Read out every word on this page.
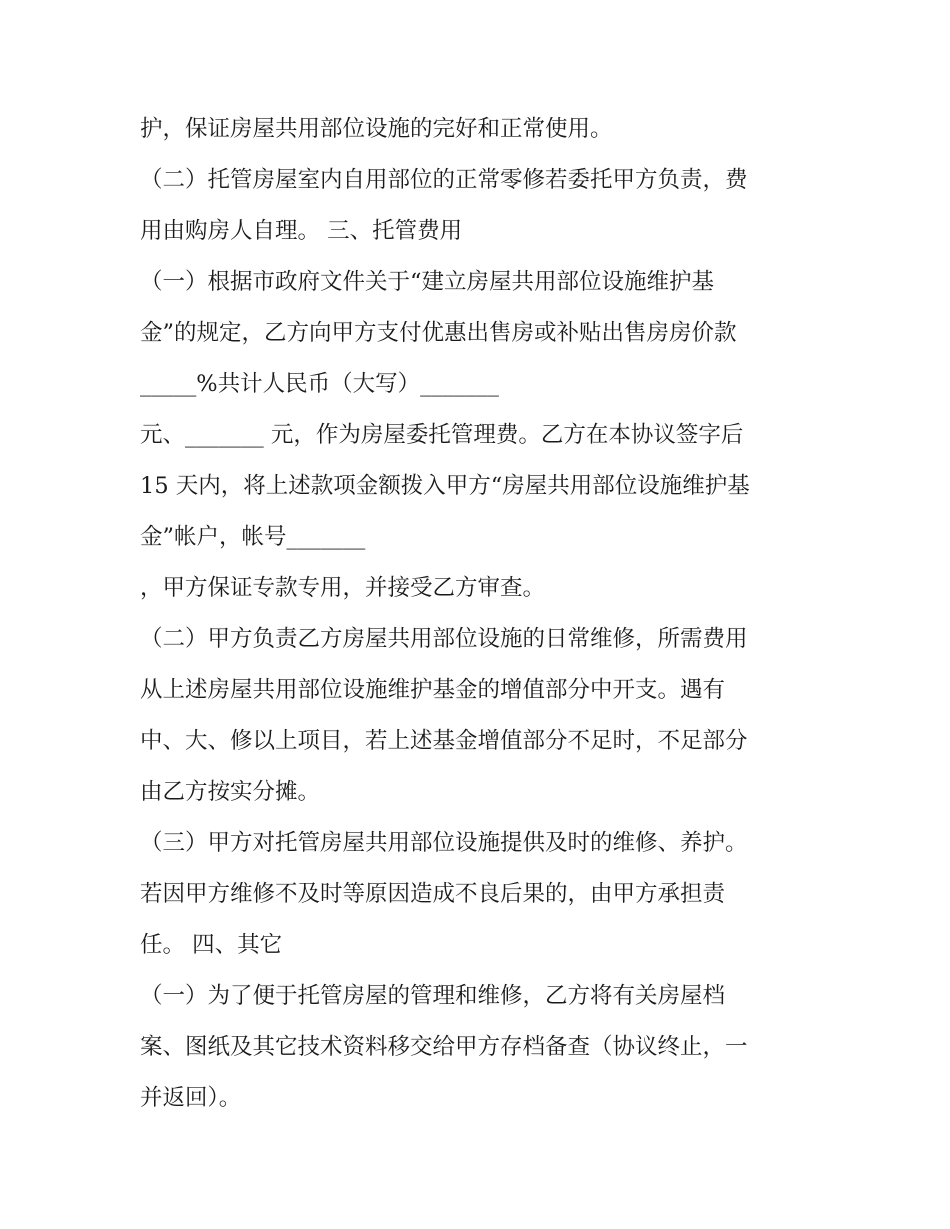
护，保证房屋共用部位设施的完好和正常使用。
（二）托管房屋室内自用部位的正常零修若委托甲方负责，费
用由购房人自理。 三、托管费用
（一）根据市政府文件关于“建立房屋共用部位设施维护基
金”的规定，乙方向甲方支付优惠出售房或补贴出售房房价款
_____%共计人民币（大写）_______
元、_______ 元，作为房屋委托管理费。乙方在本协议签字后
15 天内，将上述款项金额拨入甲方“房屋共用部位设施维护基
金”帐户，帐号_______
，甲方保证专款专用，并接受乙方审查。
（二）甲方负责乙方房屋共用部位设施的日常维修，所需费用
从上述房屋共用部位设施维护基金的增值部分中开支。遇有
中、大、修以上项目，若上述基金增值部分不足时，不足部分
由乙方按实分摊。
（三）甲方对托管房屋共用部位设施提供及时的维修、养护。
若因甲方维修不及时等原因造成不良后果的，由甲方承担责
任。 四、其它
（一）为了便于托管房屋的管理和维修，乙方将有关房屋档
案、图纸及其它技术资料移交给甲方存档备查（协议终止，一
并返回）。
